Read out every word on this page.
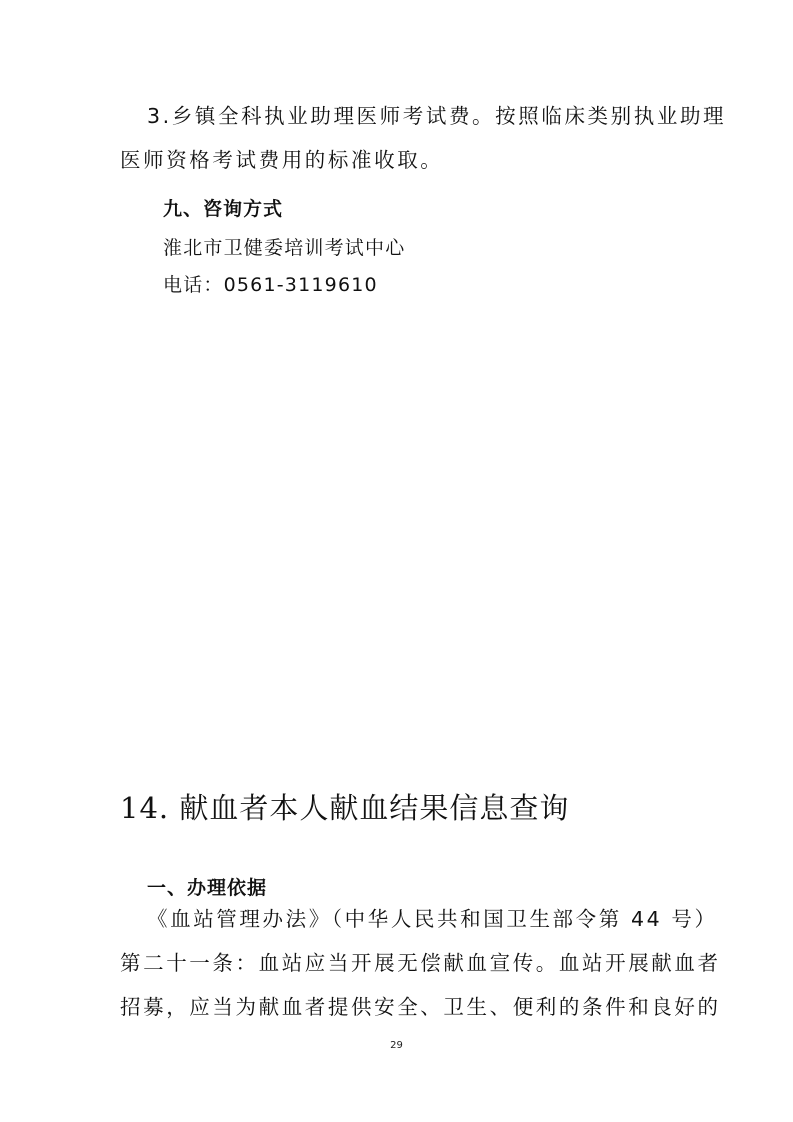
3.乡镇全科执业助理医师考试费。按照临床类别执业助理

医师资格考试费用的标准收取。

九、咨询方式

淮北市卫健委培训考试中心

电话：0561-3119610

14. 献血者本人献血结果信息查询
一、办理依据

《血站管理办法》（中华人民共和国卫生部令第 44 号）

第二十一条：血站应当开展无偿献血宣传。血站开展献血者

招募，应当为献血者提供安全、卫生、便利的条件和良好的

29
